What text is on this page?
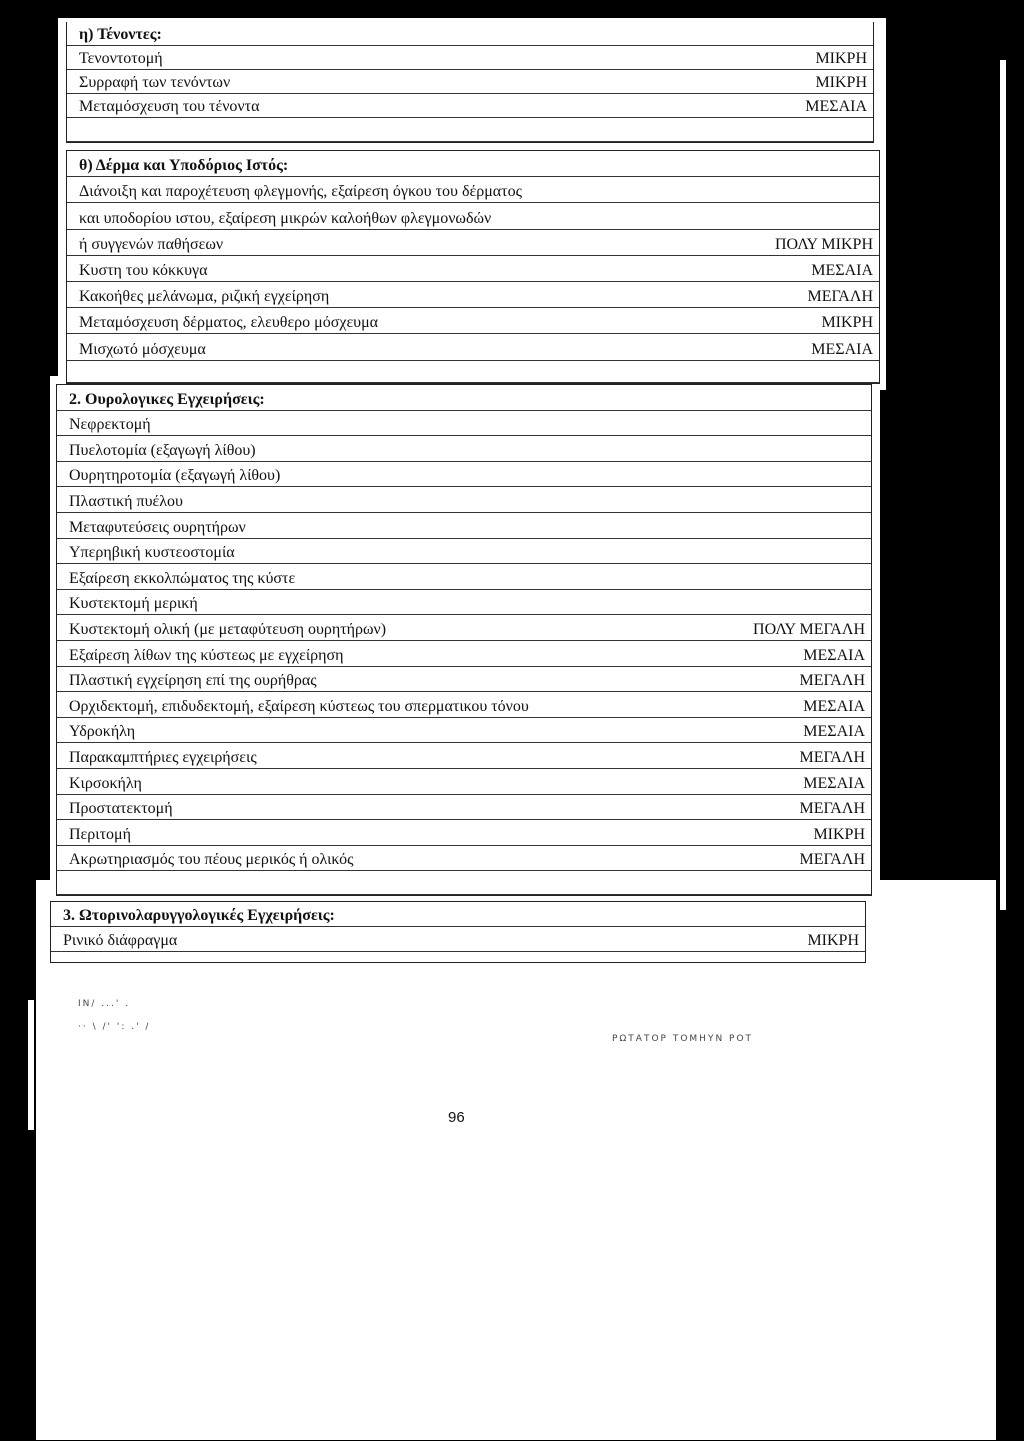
η) Τένοντες:
Τενοντοτομή	ΜΙΚΡΗ
Συρραφή των τενόντων	ΜΙΚΡΗ
Μεταμόσχευση του τένοντα	ΜΕΣΑΙΑ
θ) Δέρμα και Υποδόριος Ιστός:
Διάνοιξη και παροχέτευση φλεγμονής, εξαίρεση όγκου του δέρματος
και υποδορίου ιστου, εξαίρεση μικρών καλοήθων φλεγμονωδών
ή συγγενών παθήσεων	ΠΟΛΥ ΜΙΚΡΗ
Κυστη του κόκκυγα	ΜΕΣΑΙΑ
Κακοήθες μελάνωμα, ριζική εγχείρηση	ΜΕΓΑΛΗ
Μεταμόσχευση δέρματος, ελευθερο μόσχευμα	ΜΙΚΡΗ
Μισχωτό μόσχευμα	ΜΕΣΑΙΑ
2. Ουρολογικες Εγχειρήσεις:
Νεφρεκτομή
Πυελοτομία (εξαγωγή λίθου)
Ουρητηροτομία (εξαγωγή λίθου)
Πλαστική πυέλου
Μεταφυτεύσεις ουρητήρων
Υπερηβική κυστεοστομία
Εξαίρεση εκκολπώματος της κύστε
Κυστεκτομή μερική
Κυστεκτομή ολική (με μεταφύτευση ουρητήρων)	ΠΟΛΥ ΜΕΓΑΛΗ
Εξαίρεση λίθων της κύστεως με εγχείρηση	ΜΕΣΑΙΑ
Πλαστική εγχείρηση επί της ουρήθρας	ΜΕΓΑΛΗ
Ορχιδεκτομή, επιδυδεκτομή, εξαίρεση κύστεως του σπερματικου τόνου	ΜΕΣΑΙΑ
Υδροκήλη	ΜΕΣΑΙΑ
Παρακαμπτήριες εγχειρήσεις	ΜΕΓΑΛΗ
Κιρσοκήλη	ΜΕΣΑΙΑ
Προστατεκτομή	ΜΕΓΑΛΗ
Περιτομή	ΜΙΚΡΗ
Ακρωτηριασμός του πέους μερικός ή ολικός	ΜΕΓΑΛΗ
3. Ωτορινολαρυγγολογικές Εγχειρήσεις:
Ρινικό διάφραγμα	ΜΙΚΡΗ
ΙΝ/ ...' .
·· \ /' ': .' /
ΡΩΤΑΤΟΡ ΤΟΜΗΥΝ ΡΟΤ
96
